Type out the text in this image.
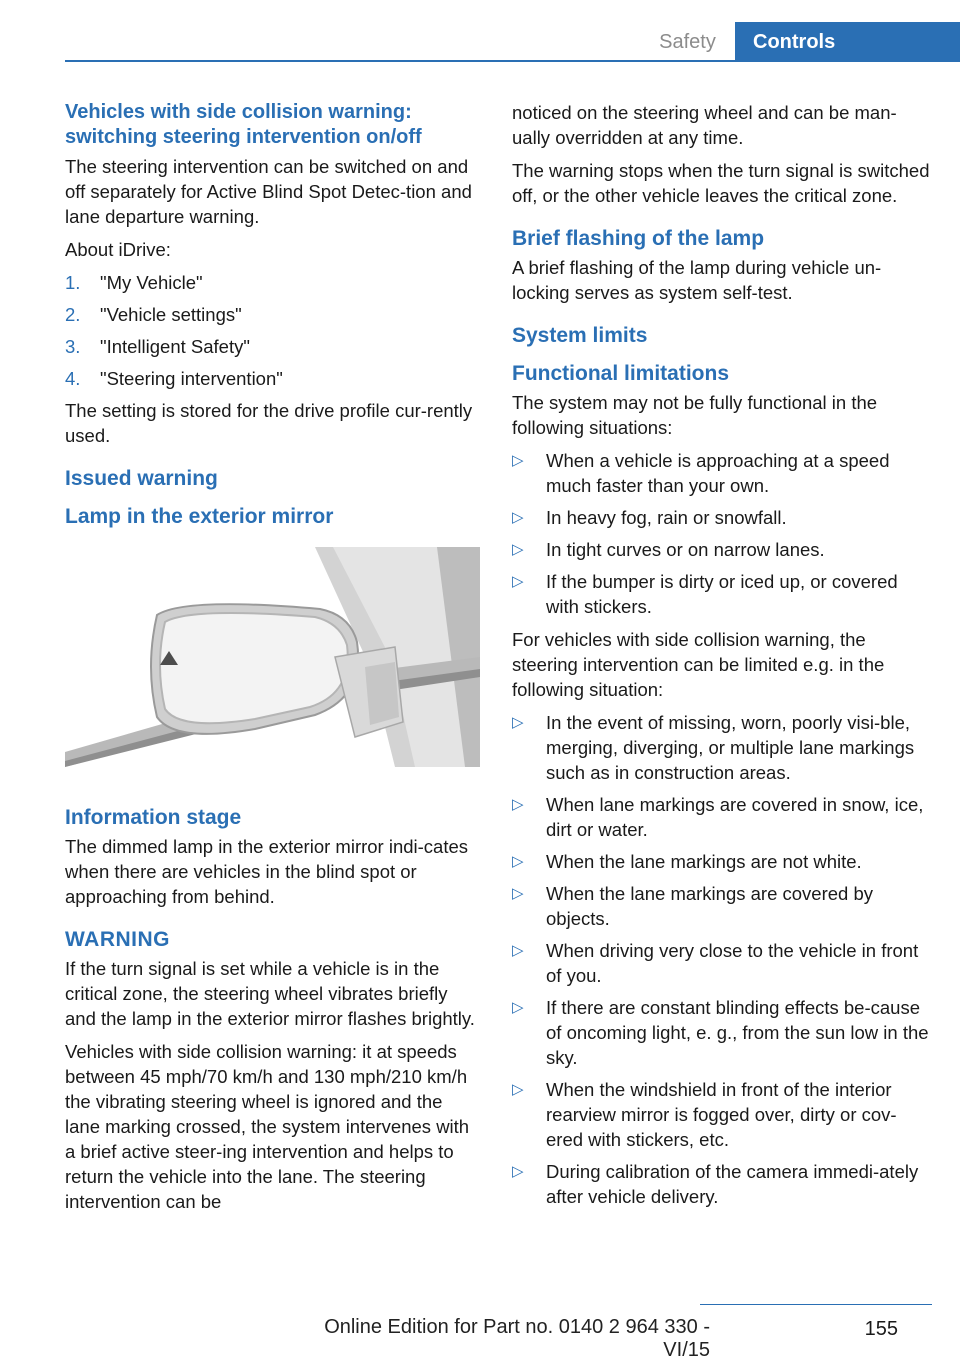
Safety	Controls
Vehicles with side collision warning: switching steering intervention on/off

The steering intervention can be switched on and off separately for Active Blind Spot Detec‐tion and lane departure warning.

About iDrive:

1.	"My Vehicle"
2.	"Vehicle settings"
3.	"Intelligent Safety"
4.	"Steering intervention"

The setting is stored for the drive profile cur‐rently used.

Issued warning
Lamp in the exterior mirror
Information stage

The dimmed lamp in the exterior mirror indi‐cates when there are vehicles in the blind spot or approaching from behind.

WARNING

If the turn signal is set while a vehicle is in the critical zone, the steering wheel vibrates briefly and the lamp in the exterior mirror flashes brightly.

Vehicles with side collision warning: it at speeds between 45 mph/70 km/h and 130 mph/210 km/h the vibrating steering wheel is ignored and the lane marking crossed, the system intervenes with a brief active steer‐ing intervention and helps to return the vehicle into the lane. The steering intervention can be

noticed on the steering wheel and can be man‐ually overridden at any time.

The warning stops when the turn signal is switched off, or the other vehicle leaves the critical zone.

Brief flashing of the lamp

A brief flashing of the lamp during vehicle un‐locking serves as system self-test.

System limits
Functional limitations

The system may not be fully functional in the following situations:

▷	When a vehicle is approaching at a speed much faster than your own.
▷	In heavy fog, rain or snowfall.
▷	In tight curves or on narrow lanes.
▷	If the bumper is dirty or iced up, or covered with stickers.

For vehicles with side collision warning, the steering intervention can be limited e.g. in the following situation:

▷	In the event of missing, worn, poorly visi‐ble, merging, diverging, or multiple lane markings such as in construction areas.
▷	When lane markings are covered in snow, ice, dirt or water.
▷	When the lane markings are not white.
▷	When the lane markings are covered by objects.
▷	When driving very close to the vehicle in front of you.
▷	If there are constant blinding effects be‐cause of oncoming light, e. g., from the sun low in the sky.
▷	When the windshield in front of the interior rearview mirror is fogged over, dirty or cov‐ered with stickers, etc.
▷	During calibration of the camera immedi‐ately after vehicle delivery.
Online Edition for Part no. 0140 2 964 330 - VI/15
155
